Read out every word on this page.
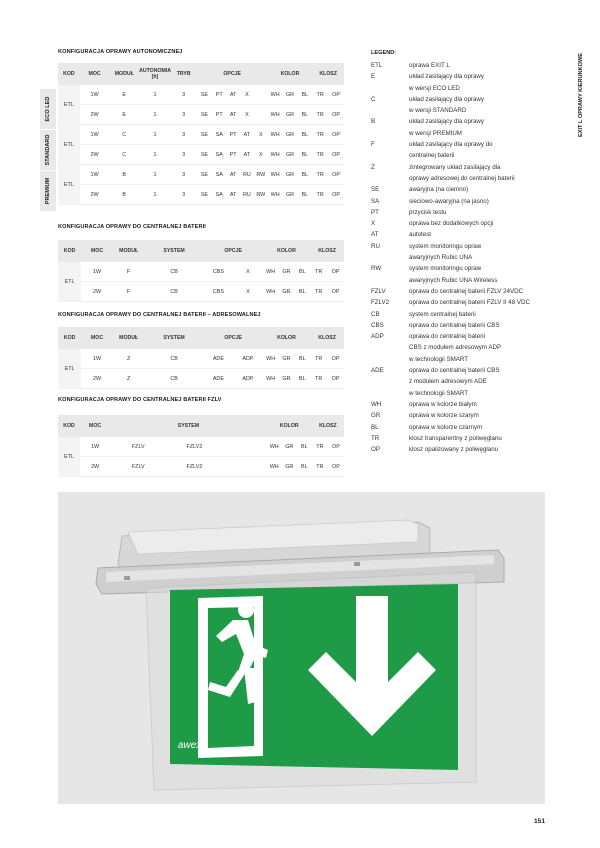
KONFIGURACJA OPRAWY AUTONOMICZNEJ
ECO LED
STANDARD
PREMIUM
KOD	MOC	MODUŁ	AUTONOMIA [h]	TRYB	OPCJE					KOLOR			KLOSZ	
ETL	1W	E	1	3	SE	PT	AT	X		WH	GR	BL	TR	OP
	2W	E	1	3	SE	PT	AT	X		WH	GR	BL	TR	OP
ETL	1W	C	1	3	SE	SA	PT	AT	X	WH	GR	BL	TR	OP
	2W	C	1	3	SE	SA	PT	AT	X	WH	GR	BL	TR	OP
ETL	1W	B	1	3	SE	SA	AT	RU	RW	WH	GR	BL	TR	OP
	2W	B	1	3	SE	SA	AT	RU	RW	WH	GR	BL	TR	OP
KONFIGURACJA OPRAWY DO CENTRALNEJ BATERII
KOD	MOC	MODUŁ	SYSTEM	OPCJE		KOLOR			KLOSZ	
ETL	1W	F	CB	CBS	X	WH	GR	BL	TR	OP
	2W	F	CB	CBS	X	WH	GR	BL	TR	OP
KONFIGURACJA OPRAWY DO CENTRALNEJ BATERII – ADRESOWALNEJ
KOD	MOC	MODUŁ	SYSTEM	OPCJE		KOLOR			KLOSZ	
ETL	1W	Z	CB	ADE	ADP	WH	GR	BL	TR	OP
	2W	Z	CB	ADE	ADP	WH	GR	BL	TR	OP
KONFIGURACJA OPRAWY DO CENTRALNEJ BATERII FZLV
KOD	MOC	SYSTEM			KOLOR			KLOSZ	
ETL	1W	FZLV	FZLV2		WH	GR	BL	TR	OP
	2W	FZLV	FZLV2		WH	GR	BL	TR	OP
LEGEND:
ETL	oprawa EXIT L
E	układ zasilający dla oprawy
w wersji ECO LED
C	układ zasilający dla oprawy
w wersji STANDARD
B	układ zasilający dla oprawy
w wersji PREMIUM
F	układ zasilający dla oprawy do
centralnej baterii
Z	zintegrowany układ zasilający dla
oprawy adresowej do centralnej baterii
SE	awaryjna (na ciemno)
SA	sieciowo-awaryjna (na jasno)
PT	przycisk testu
X	oprawa bez dodatkowych opcji
AT	autotest
RU	system monitoringu opraw
awaryjnych Rubic UNA
RW	system monitoringu opraw
awaryjnych Rubic UNA Wireless
FZLV	oprawa do centralnej baterii FZLV 24VDC
FZLV2	oprawa do centralnej baterii FZLV II 48 VDC
CB	system centralnej baterii
CBS	oprawa do centralnej baterii CBS
ADP	oprawa do centralnej baterii
CBS z modułem adresowym ADP
w technologii SMART
ADE	oprawa do centralnej baterii CBS
z modułem adresowym ADE
w technologii SMART
WH	oprawa w kolorze białym
GR	oprawa w kolorze szarym
BL	oprawa w kolorze czarnym
TR	klosz transparentny z poliwęglanu
OP	klosz opalizowany z poliwęglanu
EXIT L OPRAWY KIERUNKOWE
awex
151
